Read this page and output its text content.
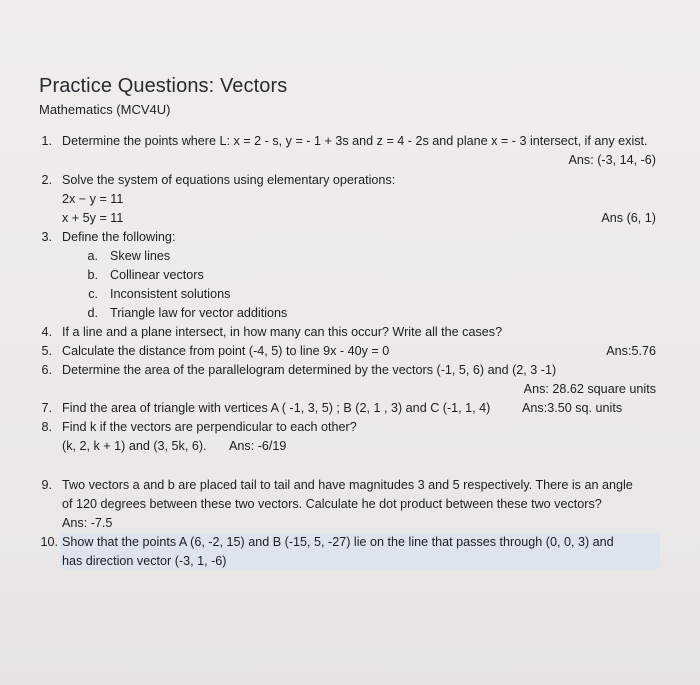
Practice Questions: Vectors
Mathematics (MCV4U)
1. Determine the points where L: x = 2 - s, y = - 1 + 3s and z = 4 - 2s and plane x = - 3 intersect, if any exist.
Ans: (-3, 14, -6)
2. Solve the system of equations using elementary operations:
2x − y = 11
x + 5y = 11	Ans (6, 1)
3. Define the following:
a. Skew lines
b. Collinear vectors
c. Inconsistent solutions
d. Triangle law for vector additions
4. If a line and a plane intersect, in how many can this occur? Write all the cases?
5. Calculate the distance from point (-4, 5) to line 9x - 40y = 0	Ans:5.76
6. Determine the area of the parallelogram determined by the vectors (-1, 5, 6) and (2, 3 -1)
Ans: 28.62 square units
7. Find the area of triangle with vertices A ( -1, 3, 5) ; B (2, 1 , 3) and C (-1, 1, 4)	Ans:3.50 sq. units
8. Find k if the vectors are perpendicular to each other?
(k, 2, k + 1) and (3, 5k, 6). Ans: -6/19
9. Two vectors a and b are placed tail to tail and have magnitudes 3 and 5 respectively. There is an angle
of 120 degrees between these two vectors. Calculate he dot product between these two vectors?
Ans: -7.5
10. Show that the points A (6, -2, 15) and B (-15, 5, -27) lie on the line that passes through (0, 0, 3) and
has direction vector (-3, 1, -6)
